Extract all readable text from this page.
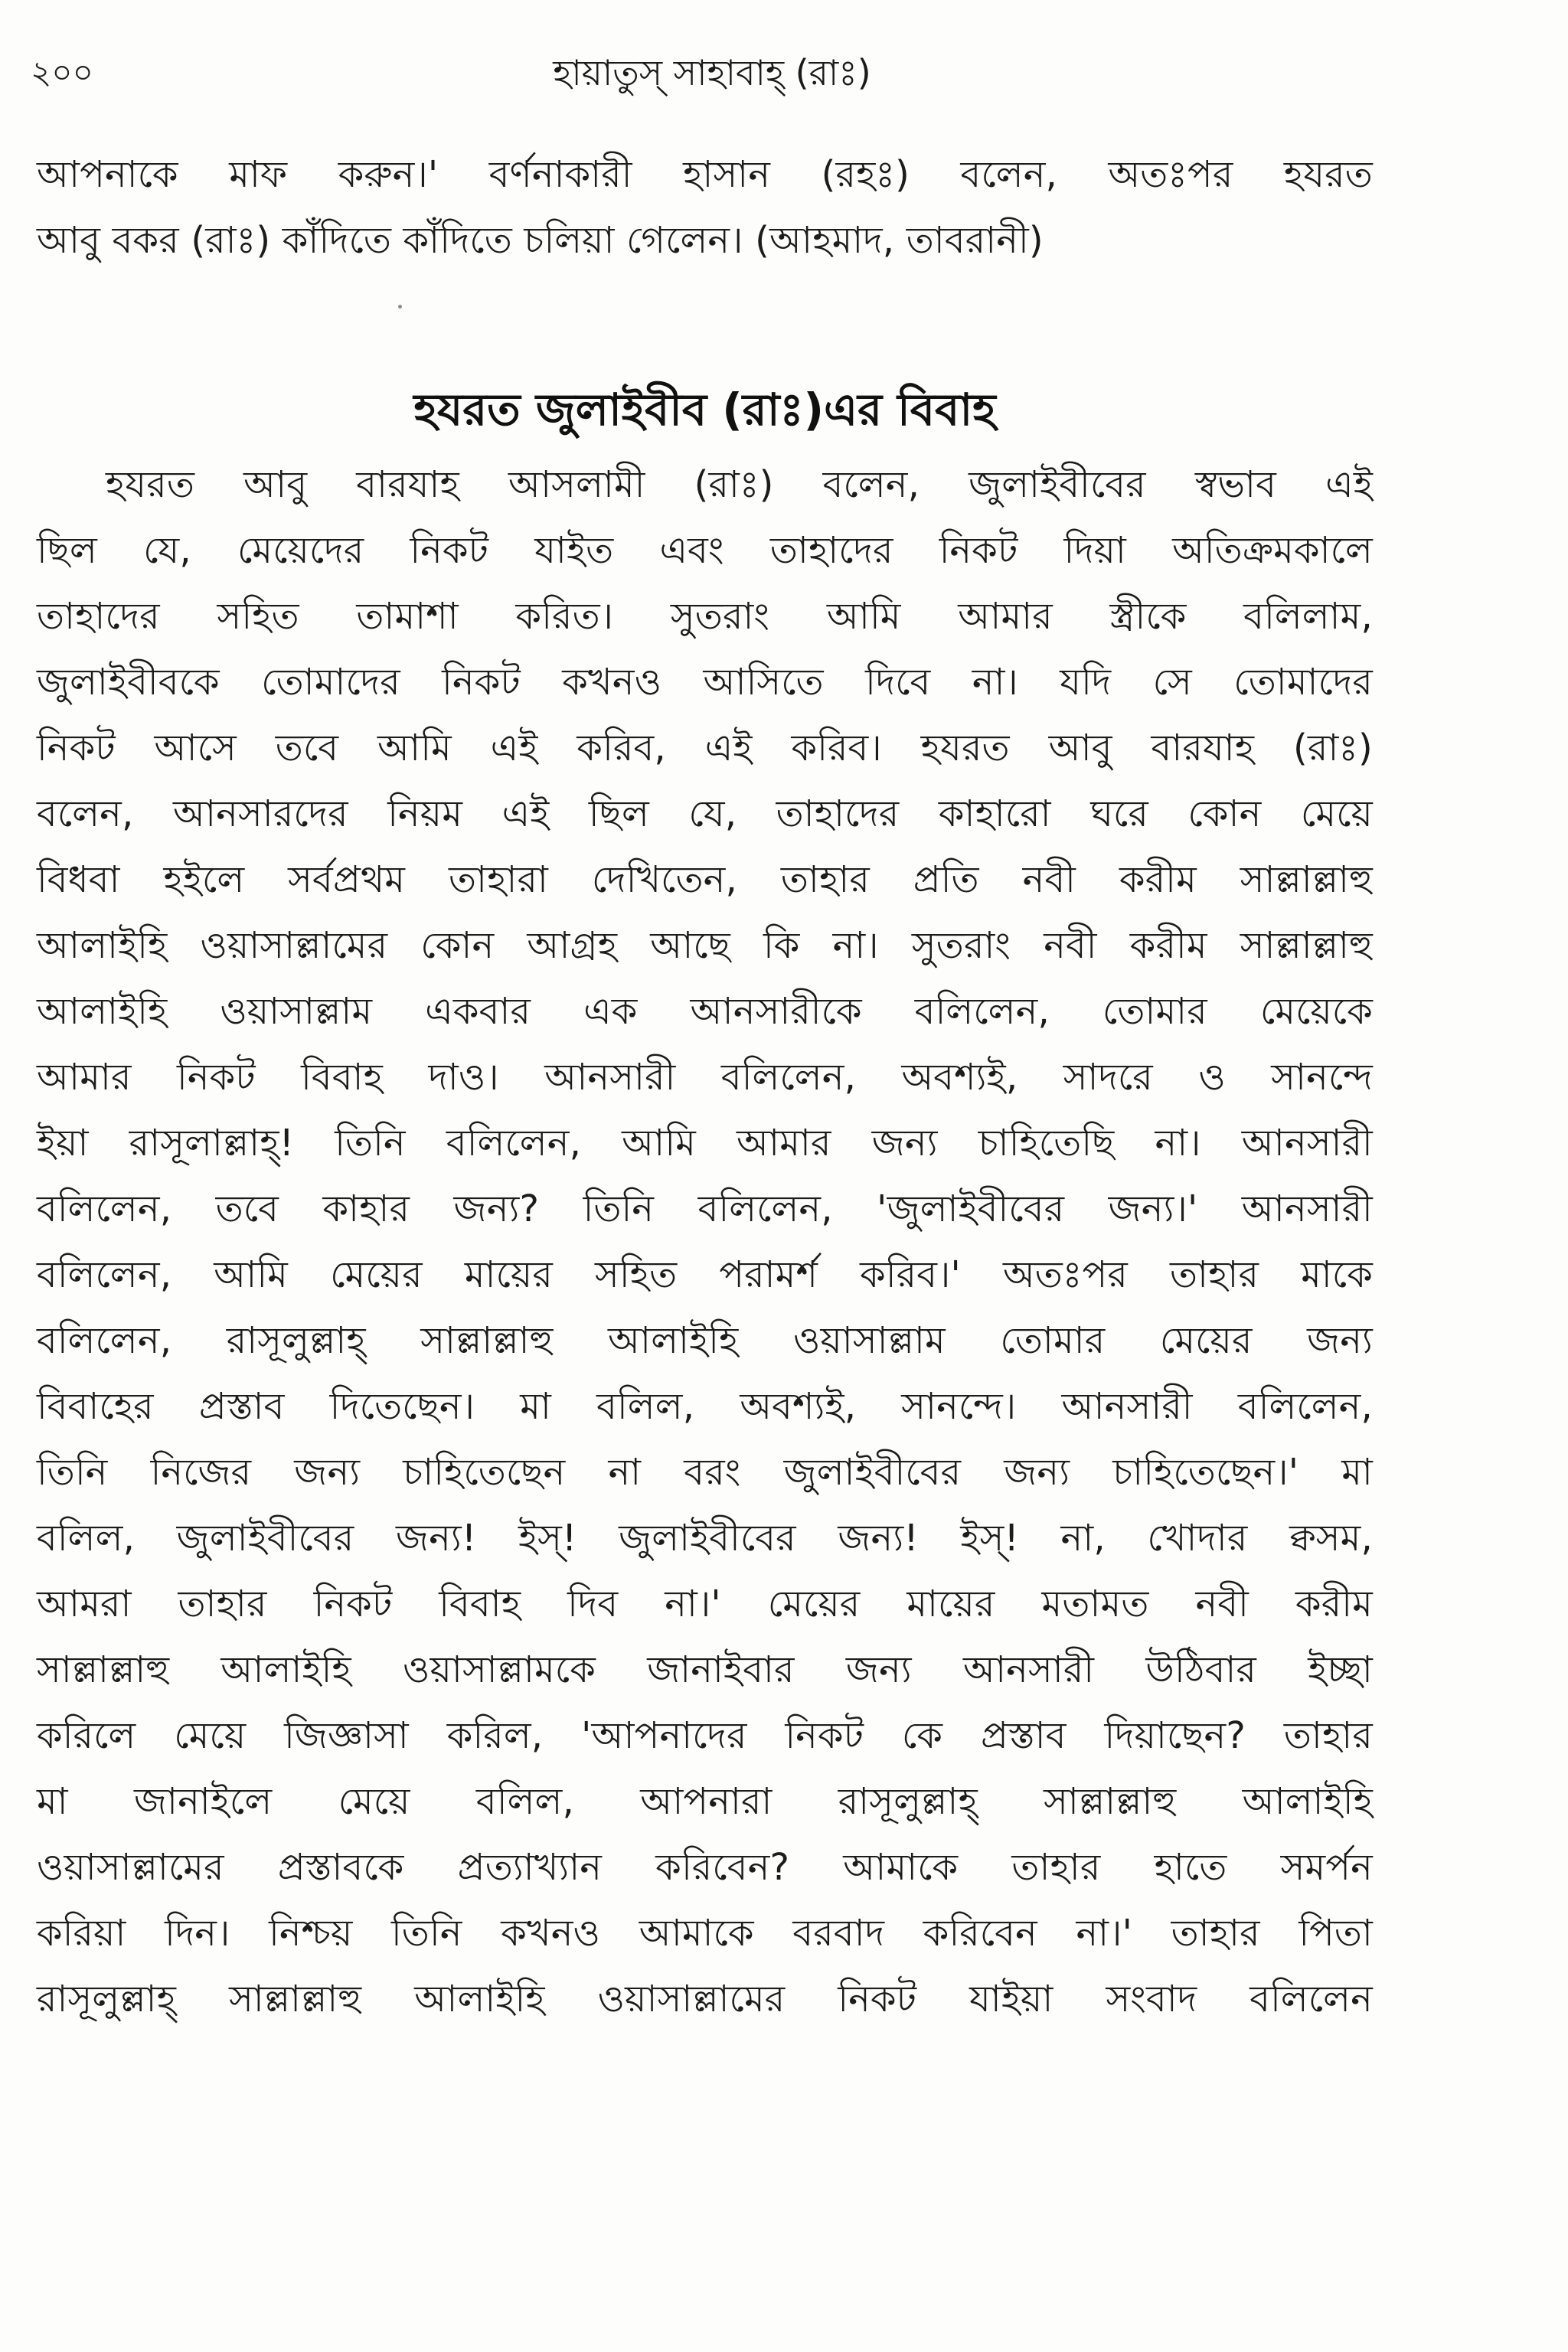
২০০	হায়াতুস্ সাহাবাহ্ (রাঃ)
আপনাকে মাফ করুন।' বর্ণনাকারী হাসান (রহঃ) বলেন, অতঃপর হযরত
আবু বকর (রাঃ) কাঁদিতে কাঁদিতে চলিয়া গেলেন। (আহমাদ, তাবরানী)
হযরত জুলাইবীব (রাঃ)এর বিবাহ
হযরত আবু বারযাহ আসলামী (রাঃ) বলেন, জুলাইবীবের স্বভাব এই
ছিল যে, মেয়েদের নিকট যাইত এবং তাহাদের নিকট দিয়া অতিক্রমকালে
তাহাদের সহিত তামাশা করিত। সুতরাং আমি আমার স্ত্রীকে বলিলাম,
জুলাইবীবকে তোমাদের নিকট কখনও আসিতে দিবে না। যদি সে তোমাদের
নিকট আসে তবে আমি এই করিব, এই করিব। হযরত আবু বারযাহ (রাঃ)
বলেন, আনসারদের নিয়ম এই ছিল যে, তাহাদের কাহারো ঘরে কোন মেয়ে
বিধবা হইলে সর্বপ্রথম তাহারা দেখিতেন, তাহার প্রতি নবী করীম সাল্লাল্লাহু
আলাইহি ওয়াসাল্লামের কোন আগ্রহ আছে কি না। সুতরাং নবী করীম সাল্লাল্লাহু
আলাইহি ওয়াসাল্লাম একবার এক আনসারীকে বলিলেন, তোমার মেয়েকে
আমার নিকট বিবাহ দাও। আনসারী বলিলেন, অবশ্যই, সাদরে ও সানন্দে
ইয়া রাসূলাল্লাহ্! তিনি বলিলেন, আমি আমার জন্য চাহিতেছি না। আনসারী
বলিলেন, তবে কাহার জন্য? তিনি বলিলেন, 'জুলাইবীবের জন্য।' আনসারী
বলিলেন, আমি মেয়ের মায়ের সহিত পরামর্শ করিব।' অতঃপর তাহার মাকে
বলিলেন, রাসূলুল্লাহ্ সাল্লাল্লাহু আলাইহি ওয়াসাল্লাম তোমার মেয়ের জন্য
বিবাহের প্রস্তাব দিতেছেন। মা বলিল, অবশ্যই, সানন্দে। আনসারী বলিলেন,
তিনি নিজের জন্য চাহিতেছেন না বরং জুলাইবীবের জন্য চাহিতেছেন।' মা
বলিল, জুলাইবীবের জন্য! ইস্! জুলাইবীবের জন্য! ইস্! না, খোদার ক্বসম,
আমরা তাহার নিকট বিবাহ দিব না।' মেয়ের মায়ের মতামত নবী করীম
সাল্লাল্লাহু আলাইহি ওয়াসাল্লামকে জানাইবার জন্য আনসারী উঠিবার ইচ্ছা
করিলে মেয়ে জিজ্ঞাসা করিল, 'আপনাদের নিকট কে প্রস্তাব দিয়াছেন? তাহার
মা জানাইলে মেয়ে বলিল, আপনারা রাসূলুল্লাহ্ সাল্লাল্লাহু আলাইহি
ওয়াসাল্লামের প্রস্তাবকে প্রত্যাখ্যান করিবেন? আমাকে তাহার হাতে সমর্পন
করিয়া দিন। নিশ্চয় তিনি কখনও আমাকে বরবাদ করিবেন না।' তাহার পিতা
রাসূলুল্লাহ্ সাল্লাল্লাহু আলাইহি ওয়াসাল্লামের নিকট যাইয়া সংবাদ বলিলেন
